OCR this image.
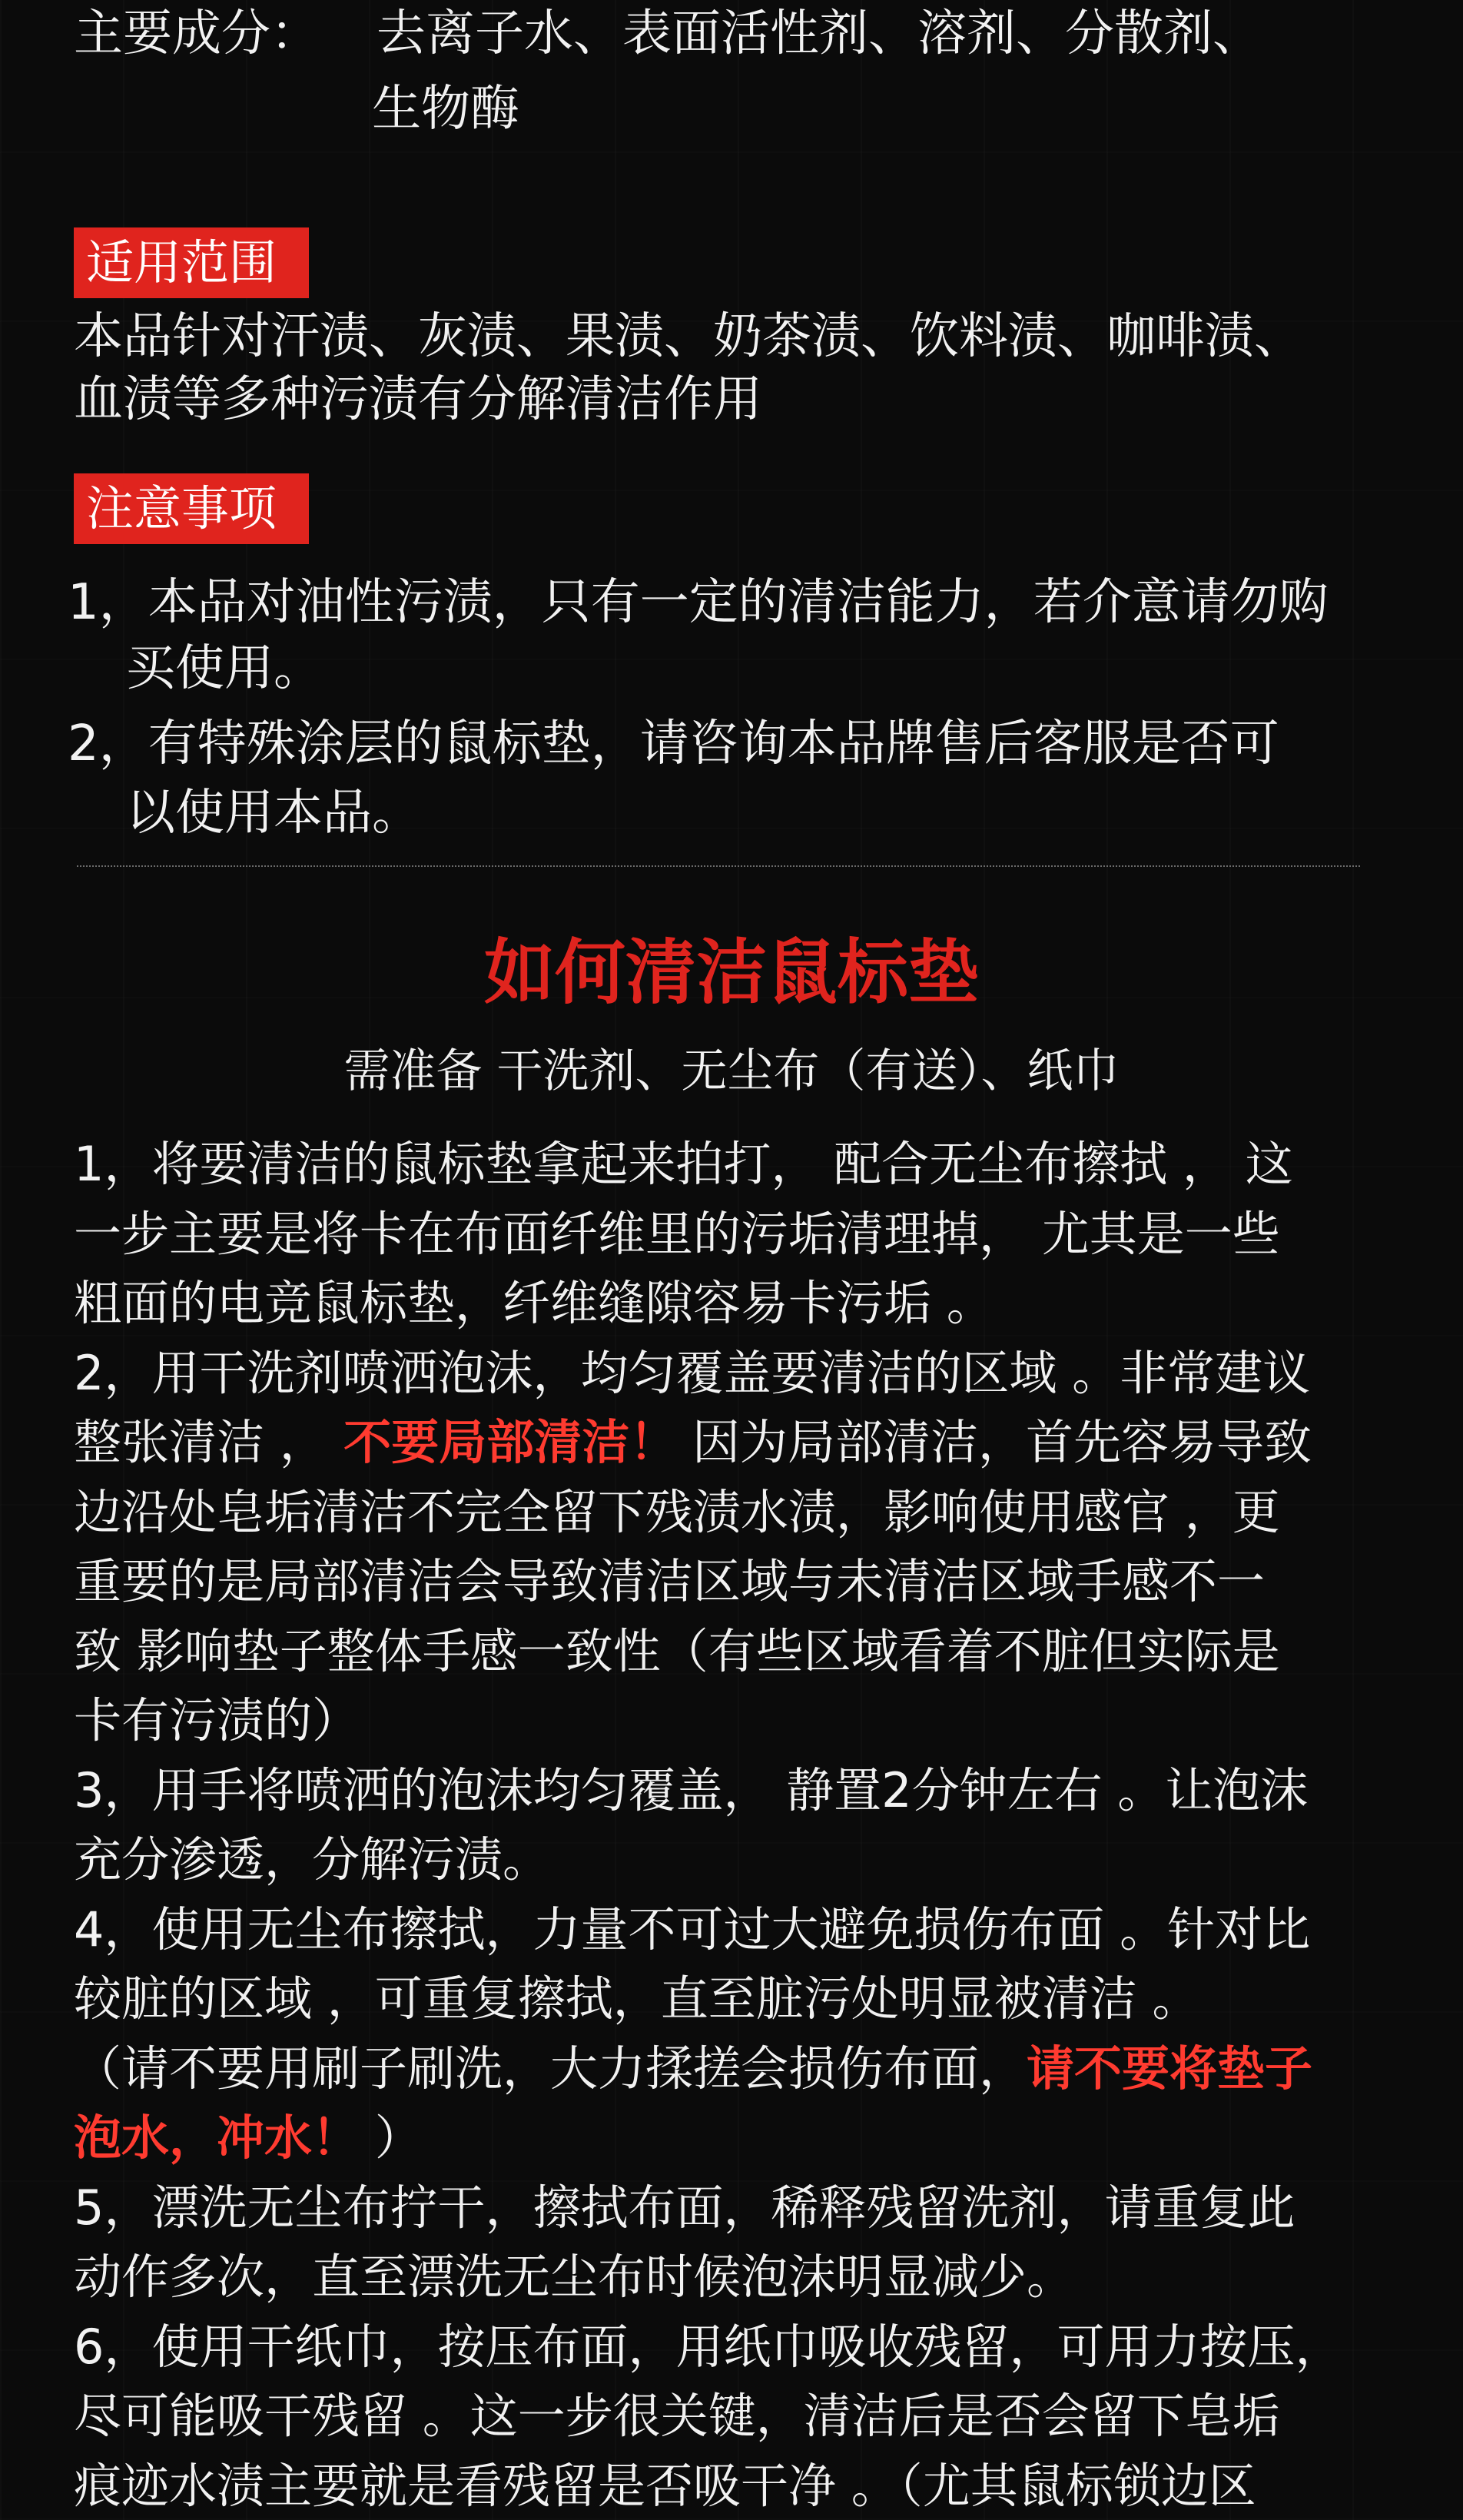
主要成分： 去离子水、表面活性剂、溶剂、分散剂、
生物酶
适用范围
本品针对汗渍、灰渍、果渍、奶茶渍、饮料渍、咖啡渍、
血渍等多种污渍有分解清洁作用
注意事项
1，本品对油性污渍，只有一定的清洁能力，若介意请勿购
买使用。
2，有特殊涂层的鼠标垫，请咨询本品牌售后客服是否可
以使用本品。
如何清洁鼠标垫
需准备 干洗剂、无尘布（有送）、纸巾
1，将要清洁的鼠标垫拿起来拍打， 配合无尘布擦拭 ， 这
一步主要是将卡在布面纤维里的污垢清理掉， 尤其是一些
粗面的电竞鼠标垫，纤维缝隙容易卡污垢 。
2，用干洗剂喷洒泡沫，均匀覆盖要清洁的区域 。非常建议
整张清洁 ， 不要局部清洁！ 因为局部清洁，首先容易导致
边沿处皂垢清洁不完全留下残渍水渍，影响使用感官 ，更
重要的是局部清洁会导致清洁区域与未清洁区域手感不一
致 影响垫子整体手感一致性（有些区域看着不脏但实际是
卡有污渍的）
3，用手将喷洒的泡沫均匀覆盖， 静置2分钟左右 。让泡沫
充分渗透，分解污渍。
4，使用无尘布擦拭，力量不可过大避免损伤布面 。针对比
较脏的区域 ，可重复擦拭，直至脏污处明显被清洁 。
（请不要用刷子刷洗，大力揉搓会损伤布面，请不要将垫子
泡水，冲水！ ）
5，漂洗无尘布拧干，擦拭布面，稀释残留洗剂，请重复此
动作多次，直至漂洗无尘布时候泡沫明显减少。
6，使用干纸巾，按压布面，用纸巾吸收残留，可用力按压，
尽可能吸干残留 。这一步很关键，清洁后是否会留下皂垢
痕迹水渍主要就是看残留是否吸干净 。（尤其鼠标锁边区
